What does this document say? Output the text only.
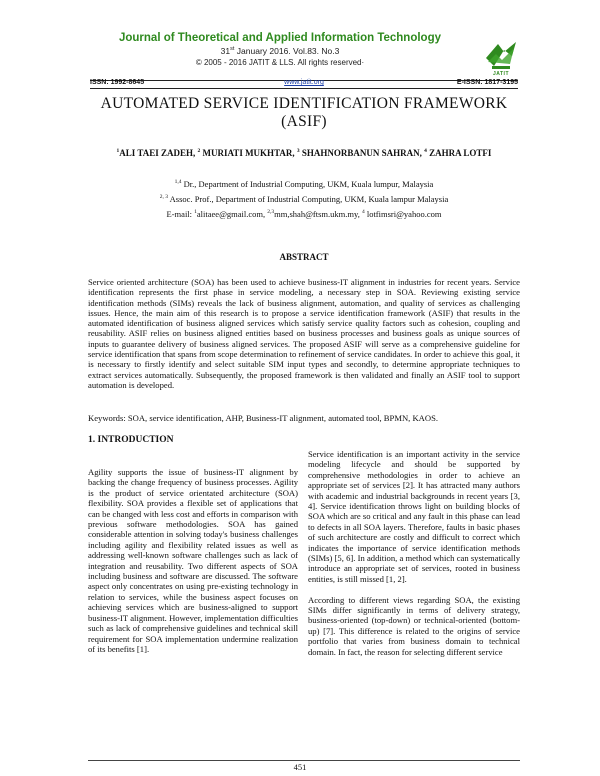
Journal of Theoretical and Applied Information Technology
31st January 2016. Vol.83. No.3
© 2005 - 2016 JATIT & LLS. All rights reserved·
JATIT
ISSN: 1992-8645	www.jatit.org	E-ISSN: 1817-3195
AUTOMATED SERVICE IDENTIFICATION FRAMEWORK
(ASIF)
$^1$ALI TAEI ZADEH, $^2$ MURIATI MUKHTAR, $^3$ SHAHNORBANUN SAHRAN, $^4$ ZAHRA LOTFI
$^{1,4}$ Dr., Department of Industrial Computing, UKM, Kuala lumpur, Malaysia
$^{2, 3}$ Assoc. Prof., Department of Industrial Computing, UKM, Kuala lampur Malaysia
E-mail: $^1$alitaee@gmail.com, $^{2,3}$mm,shah@ftsm.ukm.my, $^4$ lotfimsri@yahoo.com
ABSTRACT
Service oriented architecture (SOA) has been used to achieve business-IT alignment in industries for recent years. Service identification represents the first phase in service modeling, a necessary step in SOA. Reviewing existing service identification methods (SIMs) reveals the lack of business alignment, automation, and quality of services as challenging issues. Hence, the main aim of this research is to propose a service identification framework (ASIF) that results in the automated identification of business aligned services which satisfy service quality factors such as cohesion, coupling and reusability. ASIF relies on business aligned entities based on business processes and business goals as unique sources of inputs to guarantee delivery of business aligned services. The proposed ASIF will serve as a comprehensive guideline for service identification that spans from scope determination to refinement of service candidates. In order to achieve this goal, it is necessary to firstly identify and select suitable SIM input types and secondly, to determine appropriate techniques to extract services automatically. Subsequently, the proposed framework is then validated and finally an ASIF tool to support automation is developed.
Keywords: SOA, service identification, AHP, Business-IT alignment, automated tool, BPMN, KAOS.
1. INTRODUCTION

Agility supports the issue of business-IT alignment by backing the change frequency of business processes. Agility is the product of service orientated architecture (SOA) flexibility. SOA provides a flexible set of applications that can be changed with less cost and efforts in comparison with previous software methodologies. SOA has gained considerable attention in solving today's business challenges including agility and flexibility related issues as well as addressing well-known software challenges such as lack of integration and reusability. Two different aspects of SOA including business and software are discussed. The software aspect only concentrates on using pre-existing technology in relation to services, while the business aspect focuses on achieving services which are business-aligned to support business-IT alignment. However, implementation difficulties such as lack of comprehensive guidelines and technical skill requirement for SOA implementation undermine realization of its benefits [1].

Service identification is an important activity in the service modeling lifecycle and should be supported by comprehensive methodologies in order to achieve an appropriate set of services [2]. It has attracted many authors with academic and industrial backgrounds in recent years [3, 4]. Service identification throws light on building blocks of SOA which are so critical and any fault in this phase can lead to defects in all SOA layers. Therefore, faults in basic phases of such architecture are costly and difficult to correct which indicates the importance of service identification methods (SIMs) [5, 6]. In addition, a method which can systematically introduce an appropriate set of services, rooted in business entities, is still missed [1, 2].

According to different views regarding SOA, the existing SIMs differ significantly in terms of delivery strategy, business-oriented (top-down) or technical-oriented (bottom-up) [7]. This difference is related to the origins of service portfolio that varies from business domain to technical domain. In fact, the reason for selecting different service

451
